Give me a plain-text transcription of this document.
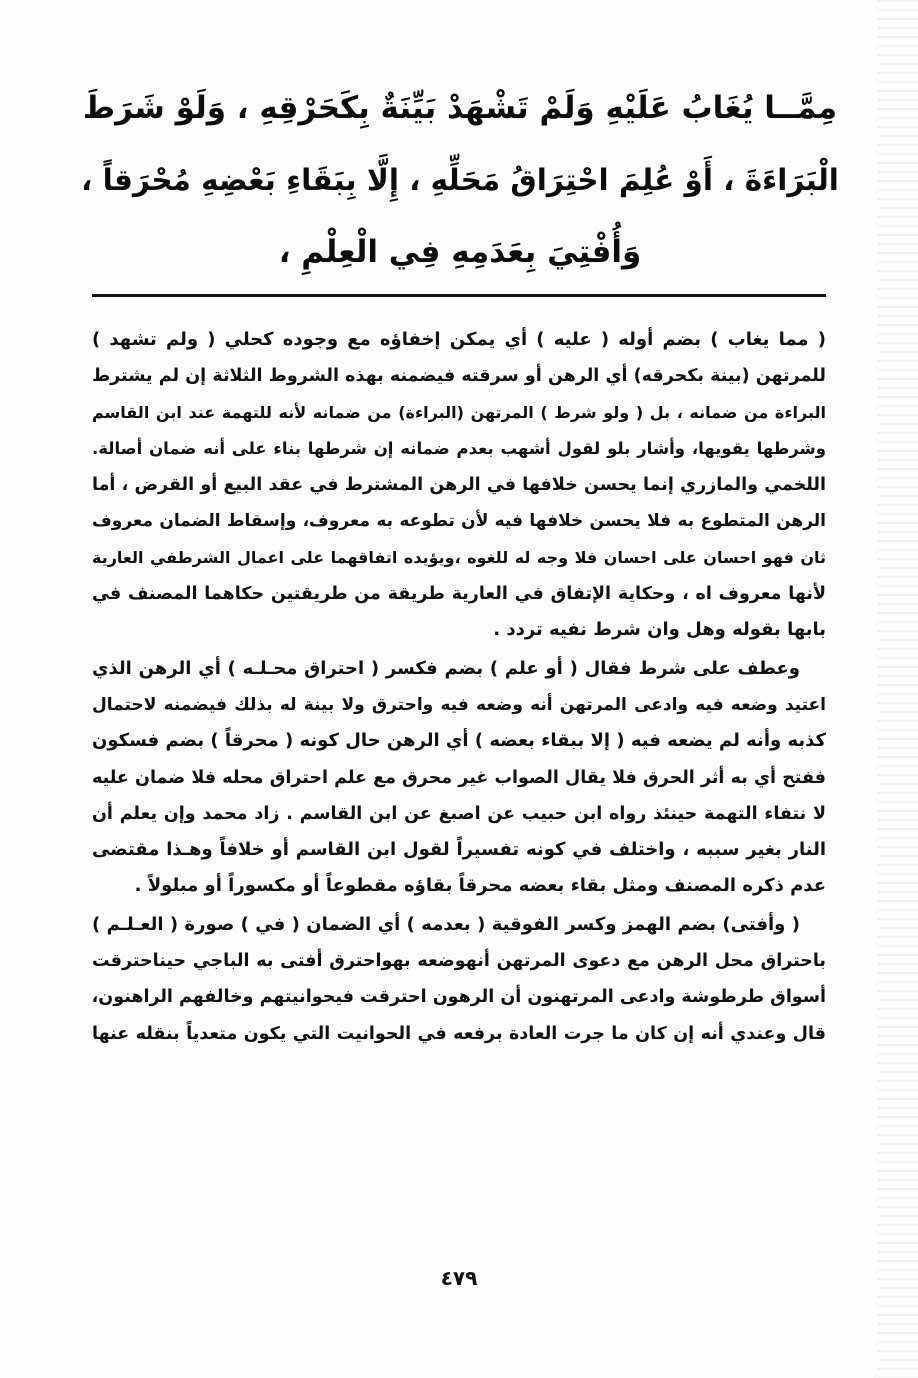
مِمَّــا يُغَابُ عَلَيْهِ وَلَمْ تَشْهَدْ بَيِّنَةٌ بِكَحَرْقِهِ ، وَلَوْ شَرَطَ
الْبَرَاءَةَ ، أَوْ عُلِمَ احْتِرَاقُ مَحَلِّهِ ، إِلَّا بِبَقَاءِ بَعْضِهِ مُحْرَقاً ،
وَأُفْتِيَ بِعَدَمِهِ فِي الْعِلْمِ ،
( مما يغاب ) بضم أوله ( عليه ) أي يمكن إخفاؤه مع وجوده كحلي ( ولم تشهد )
للمرتهن (بينة بكحرقه) أي الرهن أو سرقته فيضمنه بهذه الشروط الثلاثة إن لم يشترط
البراءة من ضمانه ، بل ( ولو شرط ) المرتهن (البراءة) من ضمانه لأنه للتهمة عند ابن القاسم
وشرطها يقويها، وأشار بلو لقول أشهب بعدم ضمانه إن شرطها بناء على أنه ضمان أصالة.
اللخمي والمازري إنما يحسن خلافها في الرهن المشترط في عقد البيع أو القرض ، أما
الرهن المتطوع به فلا يحسن خلافها فيه لأن تطوعه به معروف، وإسقاط الضمان معروف
ثان فهو احسان على احسان فلا وجه له للغوه ،ويؤيده اتفاقهما على اعمال الشرطفي العارية
لأنها معروف اه ، وحكاية الإتفاق في العارية طريقة من طريقتين حكاهما المصنف في
بابها بقوله وهل وان شرط نفيه تردد .
وعطف على شرط فقال ( أو علم ) بضم فكسر ( احتراق محـلـه ) أي الرهن الذي
اعتيد وضعه فيه وادعى المرتهن أنه وضعه فيه واحترق ولا بينة له بذلك فيضمنه لاحتمال
كذبه وأنه لم يضعه فيه ( إلا ببقاء بعضه ) أي الرهن حال كونه ( محرقاً ) بضم فسكون
ففتح أي به أثر الحرق فلا يقال الصواب غير محرق مع علم احتراق محله فلا ضمان عليه
لا نتفاء التهمة حينئذ رواه ابن حبيب عن اصبغ عن ابن القاسم . زاد محمد وإن يعلم أن
النار بغير سببه ، واختلف في كونه تفسيراً لقول ابن القاسم أو خلافاً وهـذا مقتضى
عدم ذكره المصنف ومثل بقاء بعضه محرقاً بقاؤه مقطوعاً أو مكسوراً أو مبلولاً .
( وأفتى) بضم الهمز وكسر الفوقية ( بعدمه ) أي الضمان ( في ) صورة ( العـلـم )
باحتراق محل الرهن مع دعوى المرتهن أنهوضعه بهواحترق أفتى به الباجي حيناحترقت
أسواق طرطوشة وادعى المرتهنون أن الرهون احترقت فيحوانيتهم وخالفهم الراهنون،
قال وعندي أنه إن كان ما جرت العادة برفعه في الحوانيت التي يكون متعدياً بنقله عنها
٤٧٩
